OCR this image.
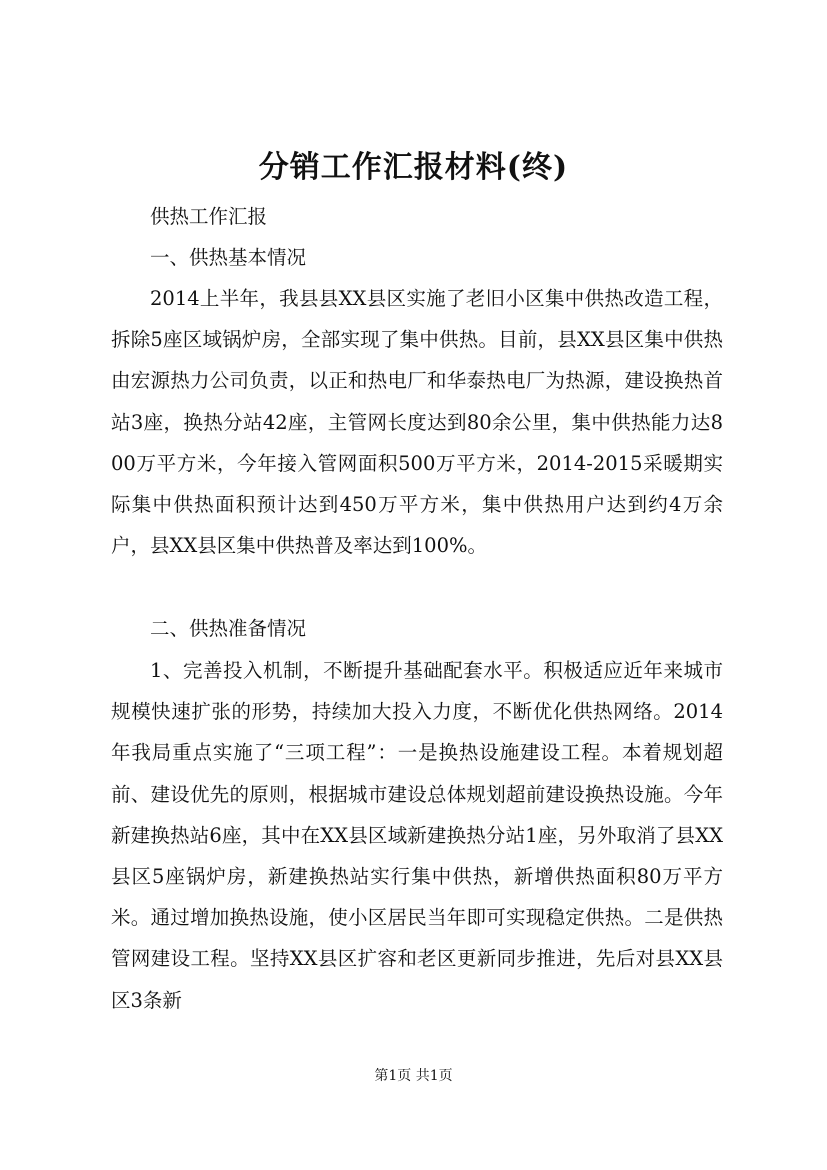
分销工作汇报材料(终)
供热工作汇报
一、供热基本情况
2014上半年，我县县XX县区实施了老旧小区集中供热改造工程，拆除5座区域锅炉房，全部实现了集中供热。目前，县XX县区集中供热由宏源热力公司负责，以正和热电厂和华泰热电厂为热源，建设换热首站3座，换热分站42座，主管网长度达到80余公里，集中供热能力达800万平方米，今年接入管网面积500万平方米，2014-2015采暖期实际集中供热面积预计达到450万平方米，集中供热用户达到约4万余户，县XX县区集中供热普及率达到100%。
二、供热准备情况
1、完善投入机制，不断提升基础配套水平。积极适应近年来城市规模快速扩张的形势，持续加大投入力度，不断优化供热网络。2014年我局重点实施了“三项工程”：一是换热设施建设工程。本着规划超前、建设优先的原则，根据城市建设总体规划超前建设换热设施。今年新建换热站6座，其中在XX县区域新建换热分站1座，另外取消了县XX县区5座锅炉房，新建换热站实行集中供热，新增供热面积80万平方米。通过增加换热设施，使小区居民当年即可实现稳定供热。二是供热管网建设工程。坚持XX县区扩容和老区更新同步推进，先后对县XX县区3条新
第1页 共1页
